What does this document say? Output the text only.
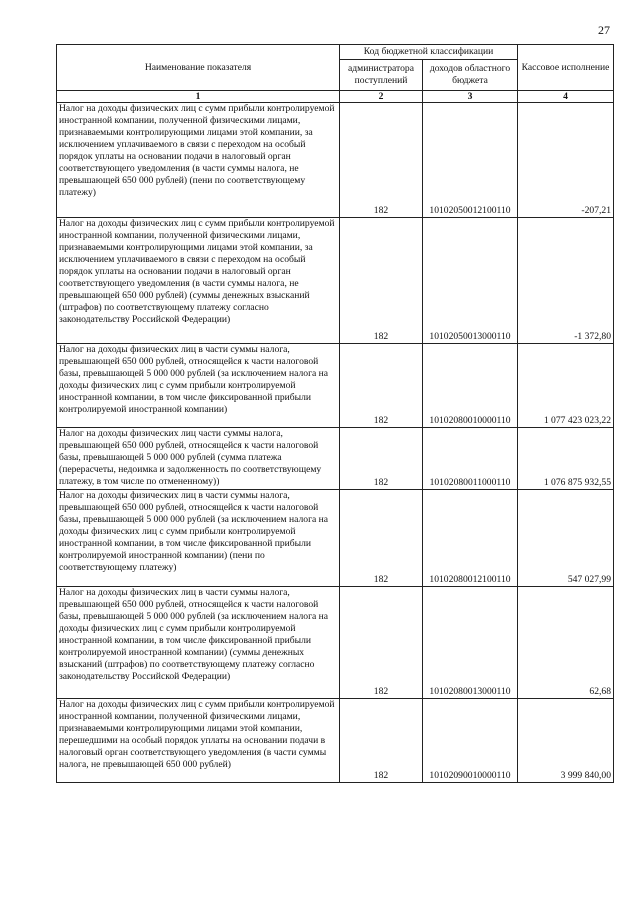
27
Наименование показателя	Код бюджетной классификации		Кассовое исполнение
	администратора поступлений	доходов областного бюджета	
1	2	3	4
Налог на доходы физических лиц с сумм прибыли контролируемой иностранной компании, полученной физическими лицами, признаваемыми контролирующими лицами этой компании, за исключением уплачиваемого в связи с переходом на особый порядок уплаты на основании подачи в налоговый орган соответствующего уведомления (в части суммы налога, не превышающей 650 000 рублей) (пени по соответствующему платежу)	182	10102050012100110	-207,21
Налог на доходы физических лиц с сумм прибыли контролируемой иностранной компании, полученной физическими лицами, признаваемыми контролирующими лицами этой компании, за исключением уплачиваемого в связи с переходом на особый порядок уплаты на основании подачи в налоговый орган соответствующего уведомления (в части суммы налога, не превышающей 650 000 рублей) (суммы денежных взысканий (штрафов) по соответствующему платежу согласно законодательству Российской Федерации)	182	10102050013000110	-1 372,80
Налог на доходы физических лиц в части суммы налога, превышающей 650 000 рублей, относящейся к части налоговой базы, превышающей 5 000 000 рублей (за исключением налога на доходы физических лиц с сумм прибыли контролируемой иностранной компании, в том числе фиксированной прибыли контролируемой иностранной компании)	182	10102080010000110	1 077 423 023,22
Налог на доходы физических лиц части суммы налога, превышающей 650 000 рублей, относящейся к части налоговой базы, превышающей 5 000 000 рублей (сумма платежа (перерасчеты, недоимка и задолженность по соответствующему платежу, в том числе по отмененному))	182	10102080011000110	1 076 875 932,55
Налог на доходы физических лиц в части суммы налога, превышающей 650 000 рублей, относящейся к части налоговой базы, превышающей 5 000 000 рублей (за исключением налога на доходы физических лиц с сумм прибыли контролируемой иностранной компании, в том числе фиксированной прибыли контролируемой иностранной компании) (пени по соответствующему платежу)	182	10102080012100110	547 027,99
Налог на доходы физических лиц в части суммы налога, превышающей 650 000 рублей, относящейся к части налоговой базы, превышающей 5 000 000 рублей (за исключением налога на доходы физических лиц с сумм прибыли контролируемой иностранной компании, в том числе фиксированной прибыли контролируемой иностранной компании) (суммы денежных взысканий (штрафов) по соответствующему платежу согласно законодательству Российской Федерации)	182	10102080013000110	62,68
Налог на доходы физических лиц с сумм прибыли контролируемой иностранной компании, полученной физическими лицами, признаваемыми контролирующими лицами этой компании, перешедшими на особый порядок уплаты на основании подачи в налоговый орган соответствующего уведомления (в части суммы налога, не превышающей 650 000 рублей)	182	10102090010000110	3 999 840,00
